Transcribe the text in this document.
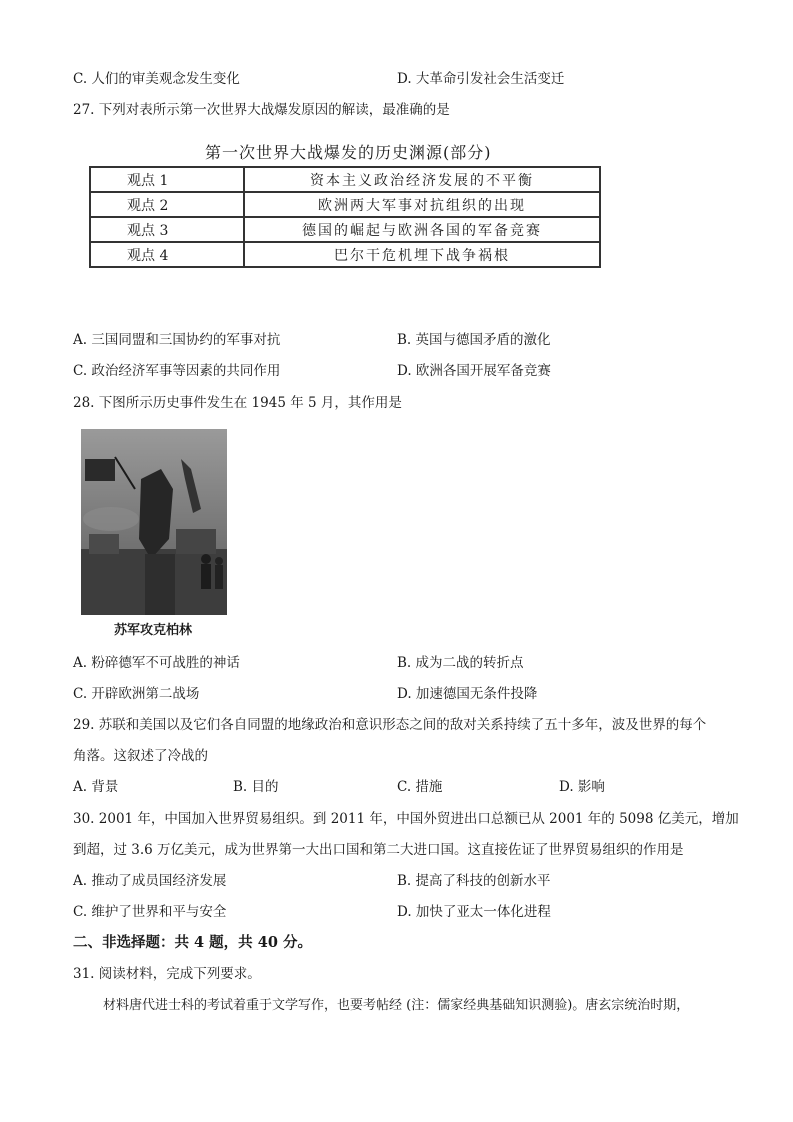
C. 人们的审美观念发生变化	D. 大革命引发社会生活变迁
27. 下列对表所示第一次世界大战爆发原因的解读，最准确的是
第一次世界大战爆发的历史渊源(部分)
观点 1	资本主义政治经济发展的不平衡
观点 2	欧洲两大军事对抗组织的出现
观点 3	德国的崛起与欧洲各国的军备竞赛
观点 4	巴尔干危机埋下战争祸根
A. 三国同盟和三国协约的军事对抗	B. 英国与德国矛盾的激化
C. 政治经济军事等因素的共同作用	D. 欧洲各国开展军备竞赛
28. 下图所示历史事件发生在 1945 年 5 月，其作用是
苏军攻克柏林
A. 粉碎德军不可战胜的神话	B. 成为二战的转折点
C. 开辟欧洲第二战场	D. 加速德国无条件投降
29. 苏联和美国以及它们各自同盟的地缘政治和意识形态之间的敌对关系持续了五十多年，波及世界的每个
角落。这叙述了冷战的
A. 背景	B. 目的	C. 措施	D. 影响
30. 2001 年，中国加入世界贸易组织。到 2011 年，中国外贸进出口总额已从 2001 年的 5098 亿美元，增加
到超，过 3.6 万亿美元，成为世界第一大出口国和第二大进口国。这直接佐证了世界贸易组织的作用是
A. 推动了成员国经济发展	B. 提高了科技的创新水平
C. 维护了世界和平与安全	D. 加快了亚太一体化进程
二、非选择题：共 4 题，共 40 分。
31. 阅读材料，完成下列要求。
材料唐代进士科的考试着重于文学写作，也要考帖经 (注：儒家经典基础知识测验)。唐玄宗统治时期，
